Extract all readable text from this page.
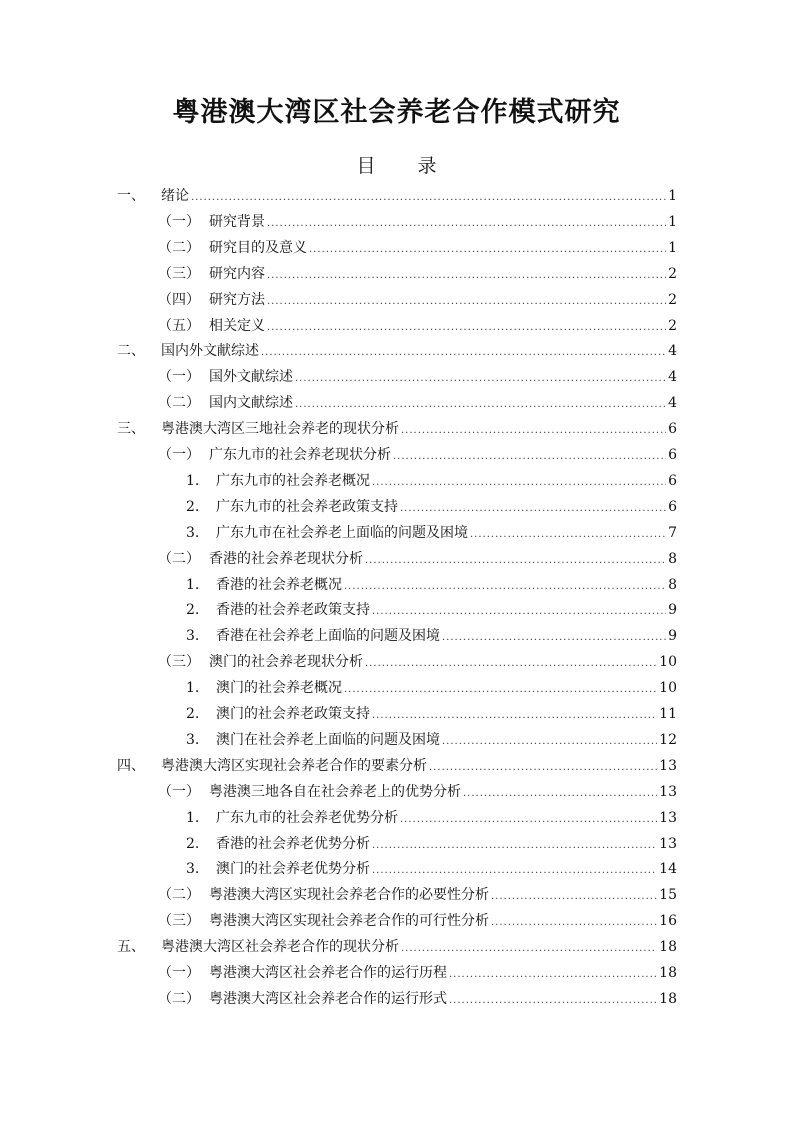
粤港澳大湾区社会养老合作模式研究
目 录
一、	绪论 .....	1
（一） 研究背景 .....	1
（二） 研究目的及意义 .....	1
（三） 研究内容 .....	2
（四） 研究方法 .....	2
（五） 相关定义 .....	2
二、	国内外文献综述 .....	4
（一） 国外文献综述 .....	4
（二） 国内文献综述 .....	4
三、	粤港澳大湾区三地社会养老的现状分析 .....	6
（一） 广东九市的社会养老现状分析 .....	6
1.	广东九市的社会养老概况 .....	6
2.	广东九市的社会养老政策支持 .....	6
3.	广东九市在社会养老上面临的问题及困境 .....	7
（二） 香港的社会养老现状分析 .....	8
1.	香港的社会养老概况 .....	8
2.	香港的社会养老政策支持 .....	9
3.	香港在社会养老上面临的问题及困境 .....	9
（三） 澳门的社会养老现状分析 .....	10
1.	澳门的社会养老概况 .....	10
2.	澳门的社会养老政策支持 .....	11
3.	澳门在社会养老上面临的问题及困境 .....	12
四、	粤港澳大湾区实现社会养老合作的要素分析 .....	13
（一） 粤港澳三地各自在社会养老上的优势分析 .....	13
1.	广东九市的社会养老优势分析 .....	13
2.	香港的社会养老优势分析 .....	13
3.	澳门的社会养老优势分析 .....	14
（二） 粤港澳大湾区实现社会养老合作的必要性分析 .....	15
（三） 粤港澳大湾区实现社会养老合作的可行性分析 .....	16
五、	粤港澳大湾区社会养老合作的现状分析 .....	18
（一） 粤港澳大湾区社会养老合作的运行历程 .....	18
（二） 粤港澳大湾区社会养老合作的运行形式 .....	18
